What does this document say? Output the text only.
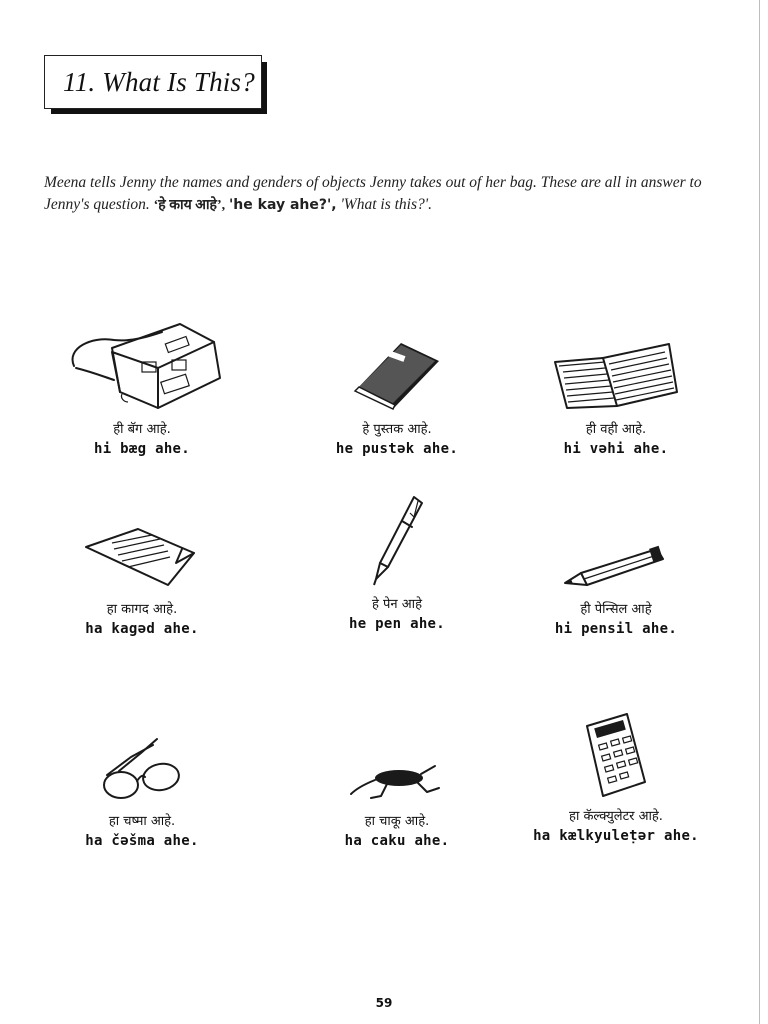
11. What Is This?
Meena tells Jenny the names and genders of objects Jenny takes out of her bag. These are all in answer to Jenny's question. ‘हे काय आहे’, 'he kay ahe?', 'What is this?'.
ही बॅग आहे.
hi bæg ahe.
हे पुस्तक आहे.
he pustək ahe.
ही वही आहे.
hi vəhi ahe.
हा कागद आहे.
ha kagəd ahe.
हे पेन आहे
he pen ahe.
ही पेन्सिल आहे
hi pensil ahe.
हा चष्मा आहे.
ha čəšma ahe.
हा चाकू आहे.
ha caku ahe.
हा कॅल्क्युलेटर आहे.
ha kælkyuleṭər ahe.
59
